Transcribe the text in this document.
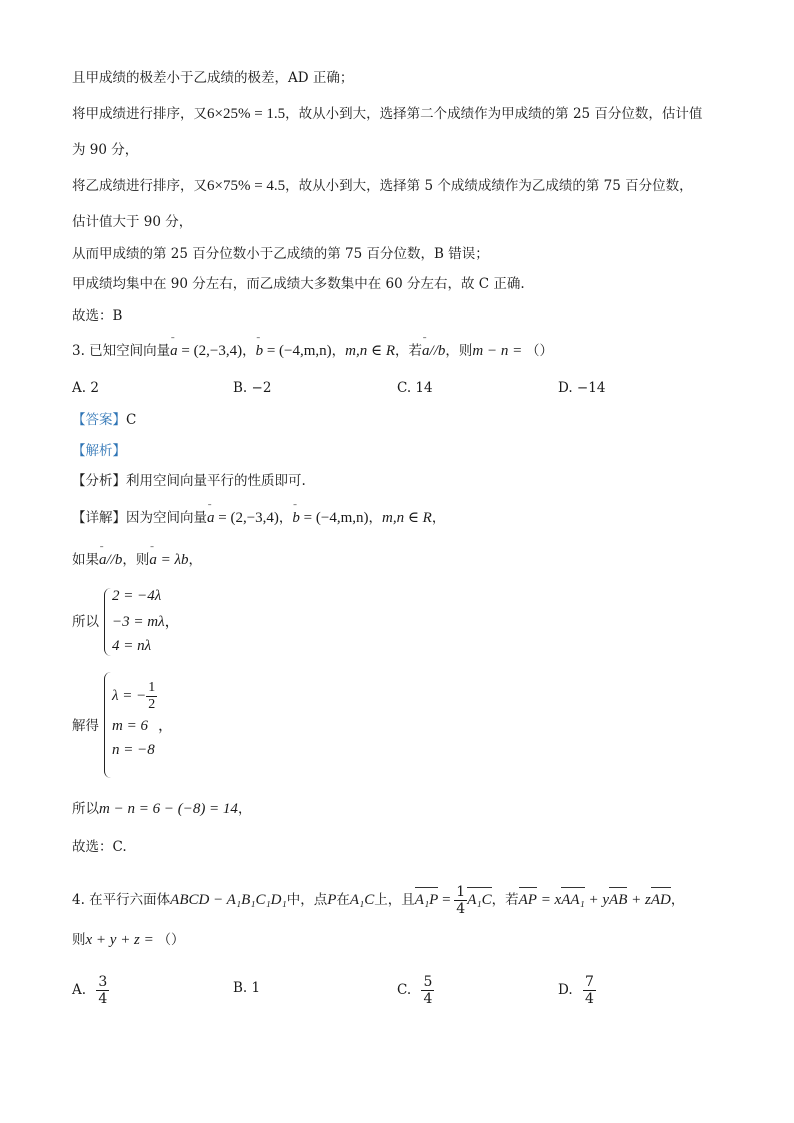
且甲成绩的极差小于乙成绩的极差，AD 正确；
将甲成绩进行排序，又6×25% = 1.5，故从小到大，选择第二个成绩作为甲成绩的第 25 百分位数，估计值
为 90 分，
将乙成绩进行排序，又6×75% = 4.5，故从小到大，选择第 5 个成绩成绩作为乙成绩的第 75 百分位数，
估计值大于 90 分，
从而甲成绩的第 25 百分位数小于乙成绩的第 75 百分位数，B 错误；
甲成绩均集中在 90 分左右，而乙成绩大多数集中在 60 分左右，故 C 正确.
故选：B
3. 已知空间向量ˉ a = (2,−3,4)，ˉ b = (−4,m,n)，m,n ∈ R，若ˉ a//b，则m − n = （）
A. 2	B. −2	C. 14	D. −14
【答案】C
【解析】
【分析】利用空间向量平行的性质即可.
【详解】因为空间向量ˉ a = (2,−3,4)，ˉ b = (−4,m,n)，m,n ∈ R，
如果ˉ a//b，则ˉ a = λb，
所以
2 = −4λ
−3 = mλ，
4 = nλ
解得
λ = − $\frac{1}{2}$
m = 6 ，
n = −8
所以m − n = 6 − (−8) = 14，
故选：C.
4. 在平行六面体ABCD − A₁B₁C₁D₁中，点P在A₁C上，且$A_1P = \frac{1}{4} A_1C$，若AP = xAA₁ + yAB + zAD，
则x + y + z = （）
A. $\frac{3}{4}$	B. 1	C. $\frac{5}{4}$	D. $\frac{7}{4}$
